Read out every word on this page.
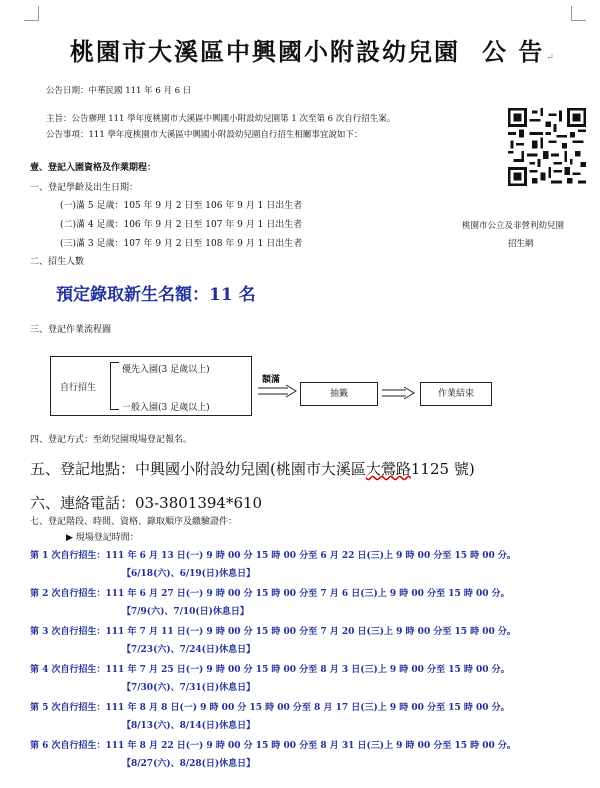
桃園市大溪區中興國小附設幼兒園 公 告 ↵
公告日期：中華民國 111 年 6 月 6 日
主旨：公告辦理 111 學年度桃園市大溪區中興國小附設幼兒園第 1 次至第 6 次自行招生案。
公告事項：111 學年度桃園市大溪區中興國小附設幼兒園自行招生相關事宜說如下：
壹、登記入園資格及作業期程：
一、登記學齡及出生日期：
(一)滿 5 足歲：105 年 9 月 2 日至 106 年 9 月 1 日出生者
(二)滿 4 足歲：106 年 9 月 2 日至 107 年 9 月 1 日出生者
(三)滿 3 足歲：107 年 9 月 2 日至 108 年 9 月 1 日出生者
桃園市公立及非營利幼兒園
招生網
二、招生人數
預定錄取新生名額：11 名
三、登記作業流程圖
自行招生
優先入園(3 足歲以上)
一般入園(3 足歲以上)
額滿
抽籤	作業結束
四、登記方式：至幼兒園現場登記報名。
五、登記地點：中興國小附設幼兒園(桃園市大溪區大鶯路1125 號)
六、連絡電話：03-3801394*610
七、登記階段、時間、資格、錄取順序及繳驗證件：
▶ 現場登記時間：
第 1 次自行招生：111 年 6 月 13 日(一) 9 時 00 分 15 時 00 分至 6 月 22 日(三)上 9 時 00 分至 15 時 00 分。
【6/18(六)、6/19(日)休息日】
第 2 次自行招生：111 年 6 月 27 日(一) 9 時 00 分 15 時 00 分至 7 月 6 日(三)上 9 時 00 分至 15 時 00 分。
【7/9(六)、7/10(日)休息日】
第 3 次自行招生：111 年 7 月 11 日(一) 9 時 00 分 15 時 00 分至 7 月 20 日(三)上 9 時 00 分至 15 時 00 分。
【7/23(六)、7/24(日)休息日】
第 4 次自行招生：111 年 7 月 25 日(一) 9 時 00 分 15 時 00 分至 8 月 3 日(三)上 9 時 00 分至 15 時 00 分。
【7/30(六)、7/31(日)休息日】
第 5 次自行招生：111 年 8 月 8 日(一) 9 時 00 分 15 時 00 分至 8 月 17 日(三)上 9 時 00 分至 15 時 00 分。
【8/13(六)、8/14(日)休息日】
第 6 次自行招生：111 年 8 月 22 日(一) 9 時 00 分 15 時 00 分至 8 月 31 日(三)上 9 時 00 分至 15 時 00 分。
【8/27(六)、8/28(日)休息日】
